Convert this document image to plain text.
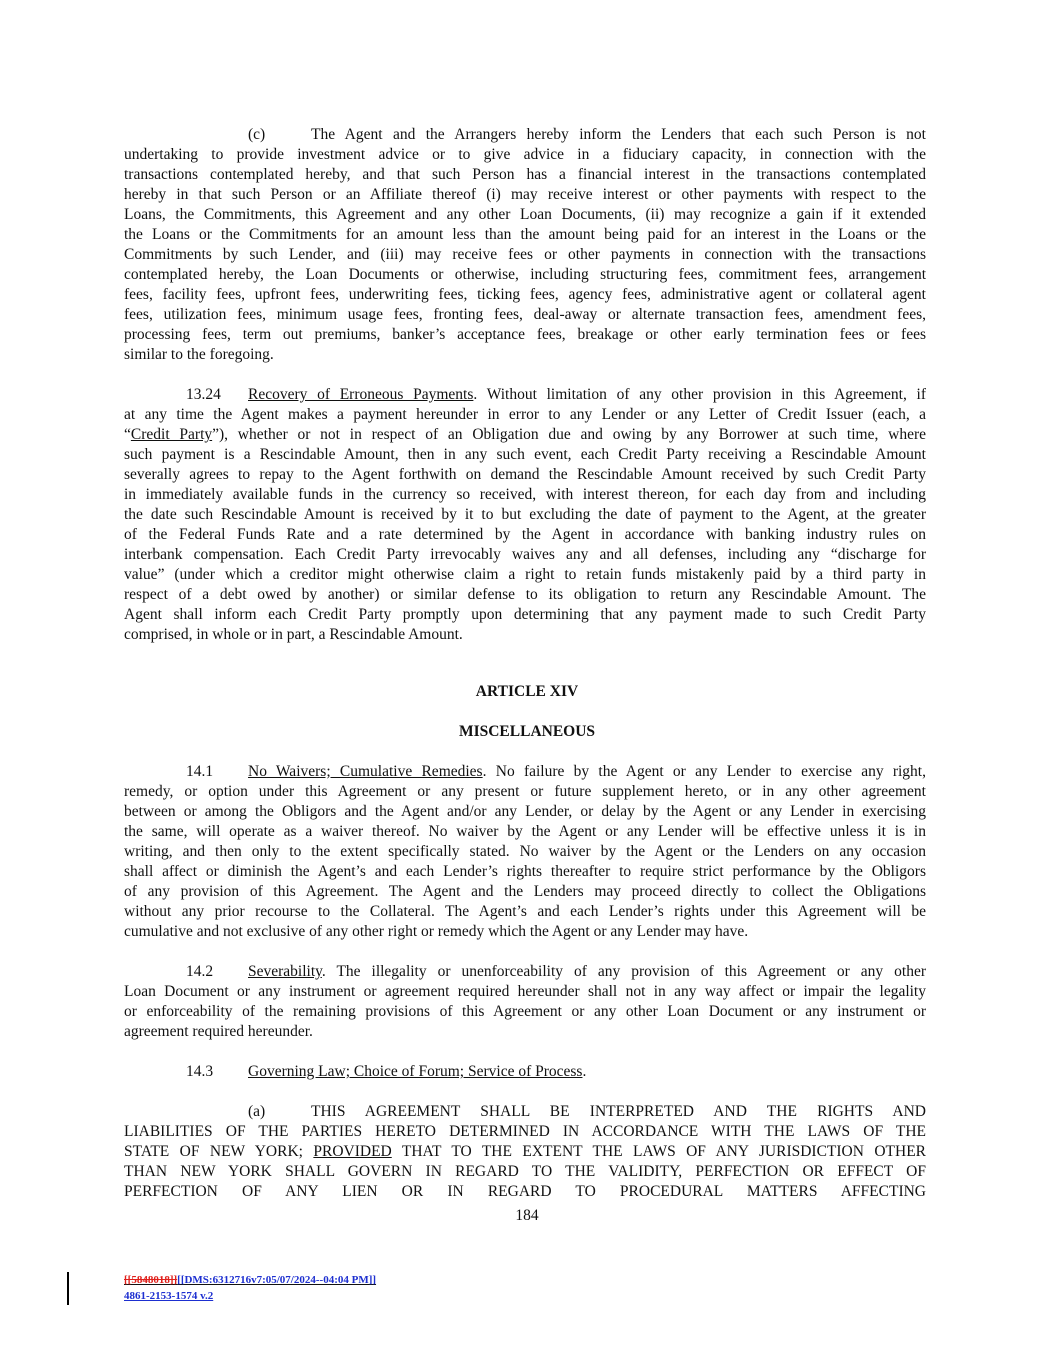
(c)	The Agent and the Arrangers hereby inform the Lenders that each such Person is not
undertaking to provide investment advice or to give advice in a fiduciary capacity, in connection with the
transactions contemplated hereby, and that such Person has a financial interest in the transactions contemplated
hereby in that such Person or an Affiliate thereof (i) may receive interest or other payments with respect to the
Loans, the Commitments, this Agreement and any other Loan Documents, (ii) may recognize a gain if it extended
the Loans or the Commitments for an amount less than the amount being paid for an interest in the Loans or the
Commitments by such Lender, and (iii) may receive fees or other payments in connection with the transactions
contemplated hereby, the Loan Documents or otherwise, including structuring fees, commitment fees, arrangement
fees, facility fees, upfront fees, underwriting fees, ticking fees, agency fees, administrative agent or collateral agent
fees, utilization fees, minimum usage fees, fronting fees, deal-away or alternate transaction fees, amendment fees,
processing fees, term out premiums, banker’s acceptance fees, breakage or other early termination fees or fees
similar to the foregoing.
13.24 Recovery of Erroneous Payments. Without limitation of any other provision in this Agreement, if
at any time the Agent makes a payment hereunder in error to any Lender or any Letter of Credit Issuer (each, a
“Credit Party”), whether or not in respect of an Obligation due and owing by any Borrower at such time, where
such payment is a Rescindable Amount, then in any such event, each Credit Party receiving a Rescindable Amount
severally agrees to repay to the Agent forthwith on demand the Rescindable Amount received by such Credit Party
in immediately available funds in the currency so received, with interest thereon, for each day from and including
the date such Rescindable Amount is received by it to but excluding the date of payment to the Agent, at the greater
of the Federal Funds Rate and a rate determined by the Agent in accordance with banking industry rules on
interbank compensation. Each Credit Party irrevocably waives any and all defenses, including any “discharge for
value” (under which a creditor might otherwise claim a right to retain funds mistakenly paid by a third party in
respect of a debt owed by another) or similar defense to its obligation to return any Rescindable Amount. The
Agent shall inform each Credit Party promptly upon determining that any payment made to such Credit Party
comprised, in whole or in part, a Rescindable Amount.
ARTICLE XIV
MISCELLANEOUS
14.1 No Waivers; Cumulative Remedies. No failure by the Agent or any Lender to exercise any right,
remedy, or option under this Agreement or any present or future supplement hereto, or in any other agreement
between or among the Obligors and the Agent and/or any Lender, or delay by the Agent or any Lender in exercising
the same, will operate as a waiver thereof. No waiver by the Agent or any Lender will be effective unless it is in
writing, and then only to the extent specifically stated. No waiver by the Agent or the Lenders on any occasion
shall affect or diminish the Agent’s and each Lender’s rights thereafter to require strict performance by the Obligors
of any provision of this Agreement. The Agent and the Lenders may proceed directly to collect the Obligations
without any prior recourse to the Collateral. The Agent’s and each Lender’s rights under this Agreement will be
cumulative and not exclusive of any other right or remedy which the Agent or any Lender may have.
14.2 Severability. The illegality or unenforceability of any provision of this Agreement or any other
Loan Document or any instrument or agreement required hereunder shall not in any way affect or impair the legality
or enforceability of the remaining provisions of this Agreement or any other Loan Document or any instrument or
agreement required hereunder.
14.3 Governing Law; Choice of Forum; Service of Process.
(a)	THIS AGREEMENT SHALL BE INTERPRETED AND THE RIGHTS AND
LIABILITIES OF THE PARTIES HERETO DETERMINED IN ACCORDANCE WITH THE LAWS OF THE
STATE OF NEW YORK; PROVIDED THAT TO THE EXTENT THE LAWS OF ANY JURISDICTION OTHER
THAN NEW YORK SHALL GOVERN IN REGARD TO THE VALIDITY, PERFECTION OR EFFECT OF
PERFECTION OF ANY LIEN OR IN REGARD TO PROCEDURAL MATTERS AFFECTING
184
[[5848018]][[DMS:6312716v7:05/07/2024--04:04 PM]]
4861-2153-1574 v.2
